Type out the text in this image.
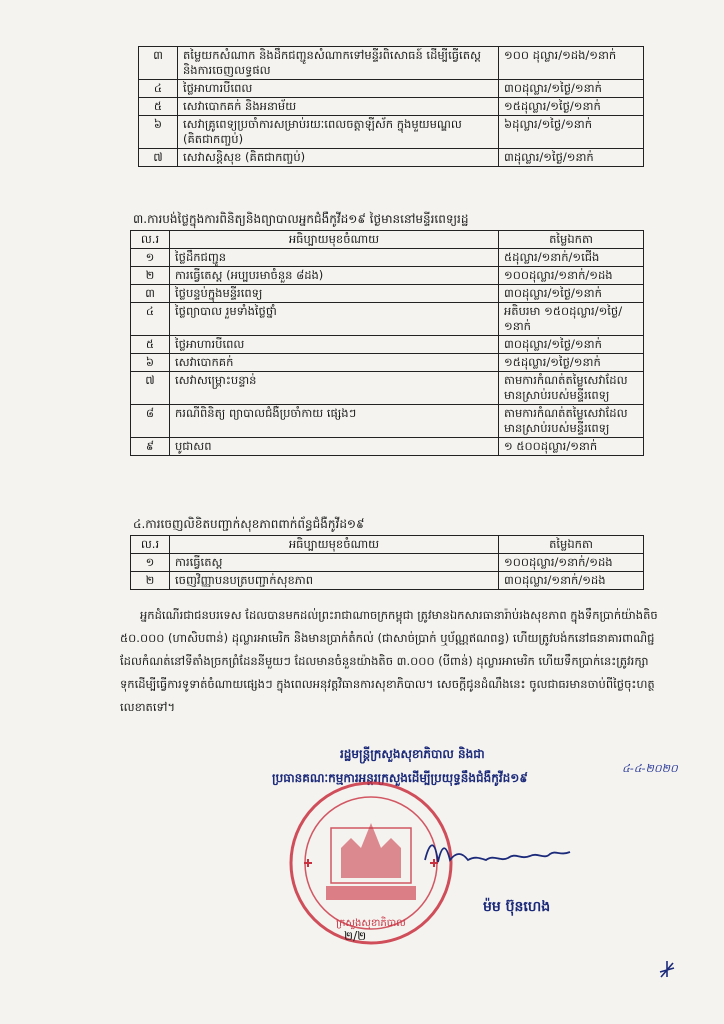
៣	តម្លៃយកសំណាក និងដឹកជញ្ជូនសំណាកទៅមន្ទីរពិសោធន៍ ដើម្បីធ្វើតេស្ត និងការចេញលទ្ធផល	១០០ ដុល្លារ/១ដង/១នាក់
៤	ថ្លៃអាហារបីពេល	៣០ដុល្លារ/១ថ្ងៃ/១នាក់
៥	សេវាបោកគក់ និងអនាម័យ	១៥ដុល្លារ/១ថ្ងៃ/១នាក់
៦	សេវាគ្រូពេទ្យប្រចាំការសម្រាប់រយៈពេលចត្តាឡីស័ក ក្នុងមួយមណ្ឌល (គិតជាកញ្ចប់)	៦ដុល្លារ/១ថ្ងៃ/១នាក់
៧	សេវាសន្តិសុខ (គិតជាកញ្ចប់)	៣ដុល្លារ/១ថ្ងៃ/១នាក់
៣.ការបង់ថ្លៃក្នុងការពិនិត្យនិងព្យាបាលអ្នកជំងឺកូវីដ១៩ ថ្ងៃមាននៅមន្ទីរពេទ្យរដ្ឋ
ល.រ	អធិប្បាយមុខចំណាយ	តម្លៃឯកតា
១	ថ្លៃដឹកជញ្ជូន	៥ដុល្លារ/១នាក់/១ជើង
២	ការធ្វើតេស្ត (អប្បបរមាចំនួន ៨ដង)	១០០ដុល្លារ/១នាក់/១ដង
៣	ថ្លៃបន្ទប់ក្នុងមន្ទីរពេទ្យ	៣០ដុល្លារ/១ថ្ងៃ/១នាក់
៤	ថ្លៃព្យាបាល រួមទាំងថ្លៃថ្នាំ	អតិបរមា ១៥០ដុល្លារ/១ថ្ងៃ/១នាក់
៥	ថ្លៃអាហារបីពេល	៣០ដុល្លារ/១ថ្ងៃ/១នាក់
៦	សេវាបោកគក់	១៥ដុល្លារ/១ថ្ងៃ/១នាក់
៧	សេវាសម្ព្រោះបន្ទាន់	តាមការកំណត់តម្លៃសេវាដែលមានស្រាប់របស់មន្ទីរពេទ្យ
៨	ករណីពិនិត្យ ព្យាបាលជំងឺប្រចាំកាយ ផ្សេងៗ	តាមការកំណត់តម្លៃសេវាដែលមានស្រាប់របស់មន្ទីរពេទ្យ
៩	បូជាសព	១ ៥០០ដុល្លារ/១នាក់
៤.ការចេញលិខិតបញ្ជាក់សុខភាពពាក់ព័ន្ធជំងឺកូវីដ១៩
ល.រ	អធិប្បាយមុខចំណាយ	តម្លៃឯកតា
១	ការធ្វើតេស្ត	១០០ដុល្លារ/១នាក់/១ដង
២	ចេញវិញ្ញាបនបត្របញ្ជាក់សុខភាព	៣០ដុល្លារ/១នាក់/១ដង
អ្នកដំណើរជាជនបរទេស ដែលបានមកដល់ព្រះរាជាណាចក្រកម្ពុជា ត្រូវមានឯកសារធានារ៉ាប់រងសុខភាព ក្នុងទឹកប្រាក់យ៉ាងតិច ៥០.០០០ (ហាសិបពាន់) ដុល្លារអាមេរិក និងមានប្រាក់តំកល់ (ជាសាច់ប្រាក់ ឬប័ណ្ណឥណពន្ធ) ហើយត្រូវបង់កនៅធនាគារពាណិជ្ជដែលកំណត់នៅទីតាំងច្រកព្រំដែននីមួយៗ ដែលមានចំនួនយ៉ាងតិច ៣.០០០ (បីពាន់) ដុល្លារអាមេរិក ហើយទឹកប្រាក់នេះត្រូវរក្សាទុកដើម្បីធ្វើការទូទាត់ចំណាយផ្សេងៗ ក្នុងពេលអនុវត្តវិធានការសុខាភិបាល។ សេចក្តីជូនដំណឹងនេះ ចូលជាធរមានចាប់ពីថ្ងៃចុះហត្ថលេខាតទៅ។
រដ្ឋមន្ត្រីក្រសួងសុខាភិបាល និងជា
ប្រធានគណៈកម្មការអន្តរក្រសួងដើម្បីប្រយុទ្ធនឹងជំងឺកូវីដ១៩
៤-៤-២០២០
ក្រសួងសុខាភិបាល
ម៉ម ប៊ុនហេង
២/២
